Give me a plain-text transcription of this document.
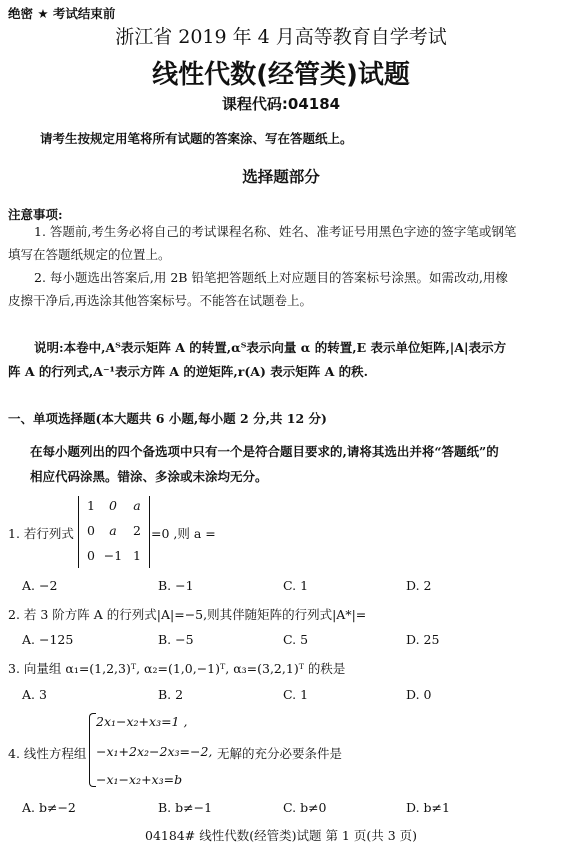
绝密 ★ 考试结束前
浙江省 2019 年 4 月高等教育自学考试
线性代数(经管类)试题
课程代码:04184
请考生按规定用笔将所有试题的答案涂、写在答题纸上。
选择题部分
注意事项:
1. 答题前,考生务必将自己的考试课程名称、姓名、准考证号用黑色字迹的签字笔或钢笔
填写在答题纸规定的位置上。
2. 每小题选出答案后,用 2B 铅笔把答题纸上对应题目的答案标号涂黑。如需改动,用橡
皮擦干净后,再选涂其他答案标号。不能答在试题卷上。
说明:本卷中,Aᵀ表示矩阵 A 的转置,αᵀ表示向量 α 的转置,E 表示单位矩阵,|A|表示方
阵 A 的行列式,A⁻¹表示方阵 A 的逆矩阵,r(A) 表示矩阵 A 的秩.
一、单项选择题(本大题共 6 小题,每小题 2 分,共 12 分)
在每小题列出的四个备选项中只有一个是符合题目要求的,请将其选出并将“答题纸”的
相应代码涂黑。错涂、多涂或未涂均无分。
1. 若行列式
1	0	a
0	a	2
0 −1 1
=0 ,则 a =
A. −2	B. −1	C. 1	D. 2
2. 若 3 阶方阵 A 的行列式|A|=−5,则其伴随矩阵的行列式|A*|=
A. −125	B. −5	C. 5	D. 25
3. 向量组 α₁=(1,2,3)ᵀ, α₂=(1,0,−1)ᵀ, α₃=(3,2,1)ᵀ 的秩是
A. 3	B. 2	C. 1	D. 0
4. 线性方程组
2x₁−x₂+x₃=1 ,
−x₁+2x₂−2x₃=−2,
−x₁−x₂+x₃=b
无解的充分必要条件是
A. b≠−2	B. b≠−1	C. b≠0	D. b≠1
04184# 线性代数(经管类)试题 第 1 页(共 3 页)
